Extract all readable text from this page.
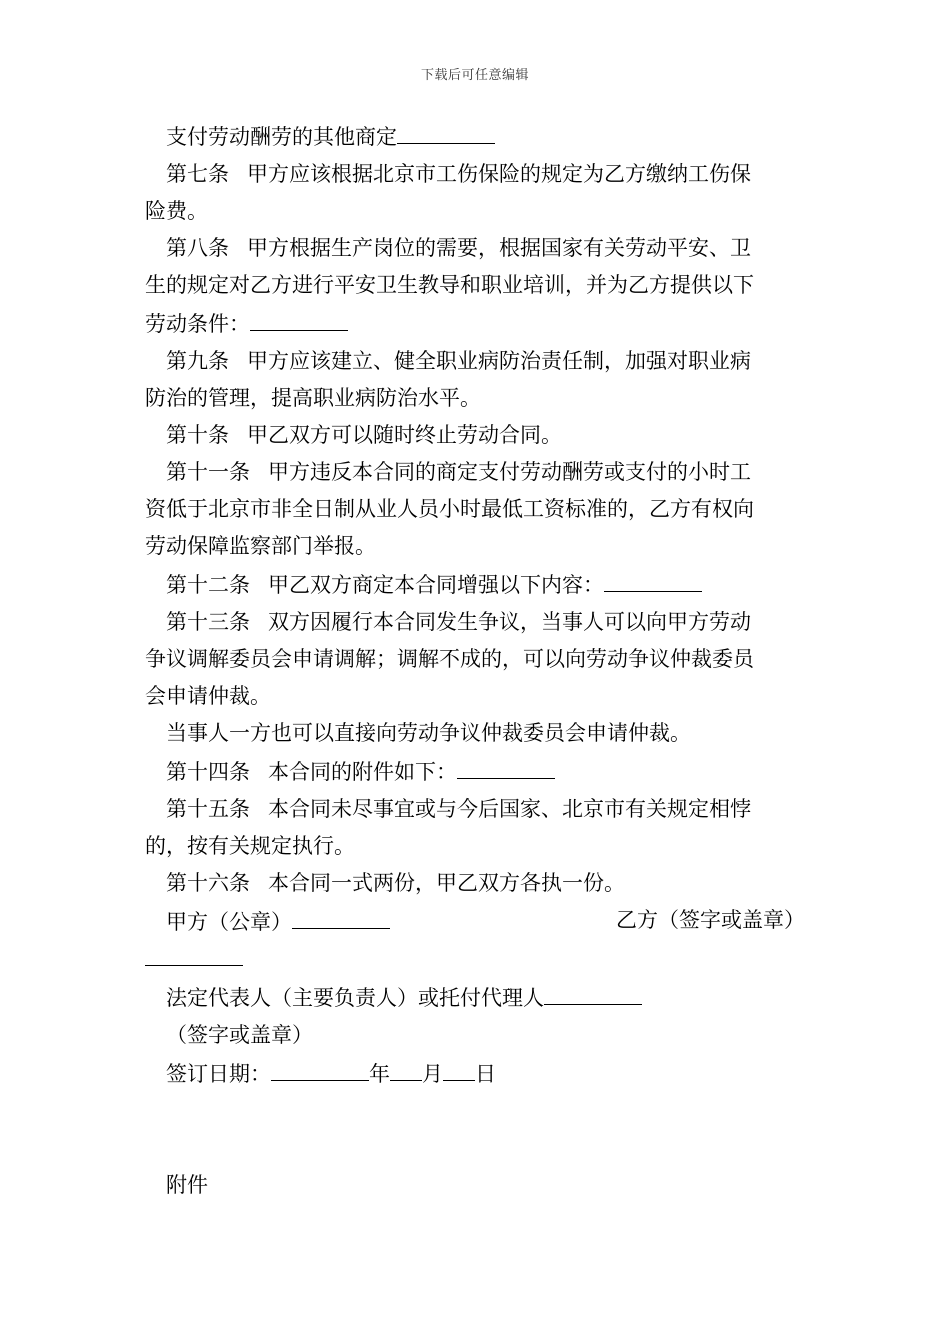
下载后可任意编辑

支付劳动酬劳的其他商定

第七条 甲方应该根据北京市工伤保险的规定为乙方缴纳工伤保

险费。

第八条 甲方根据生产岗位的需要，根据国家有关劳动平安、卫

生的规定对乙方进行平安卫生教导和职业培训，并为乙方提供以下

劳动条件：

第九条 甲方应该建立、健全职业病防治责任制，加强对职业病

防治的管理，提高职业病防治水平。

第十条 甲乙双方可以随时终止劳动合同。

第十一条 甲方违反本合同的商定支付劳动酬劳或支付的小时工

资低于北京市非全日制从业人员小时最低工资标准的，乙方有权向

劳动保障监察部门举报。

第十二条 甲乙双方商定本合同增强以下内容：

第十三条 双方因履行本合同发生争议，当事人可以向甲方劳动

争议调解委员会申请调解；调解不成的，可以向劳动争议仲裁委员

会申请仲裁。

当事人一方也可以直接向劳动争议仲裁委员会申请仲裁。

第十四条 本合同的附件如下：

第十五条 本合同未尽事宜或与今后国家、北京市有关规定相悖

的，按有关规定执行。

第十六条 本合同一式两份，甲乙双方各执一份。

甲方（公章）	乙方（签字或盖章）

法定代表人（主要负责人）或托付代理人

（签字或盖章）

签订日期：	年 月 日

附件
